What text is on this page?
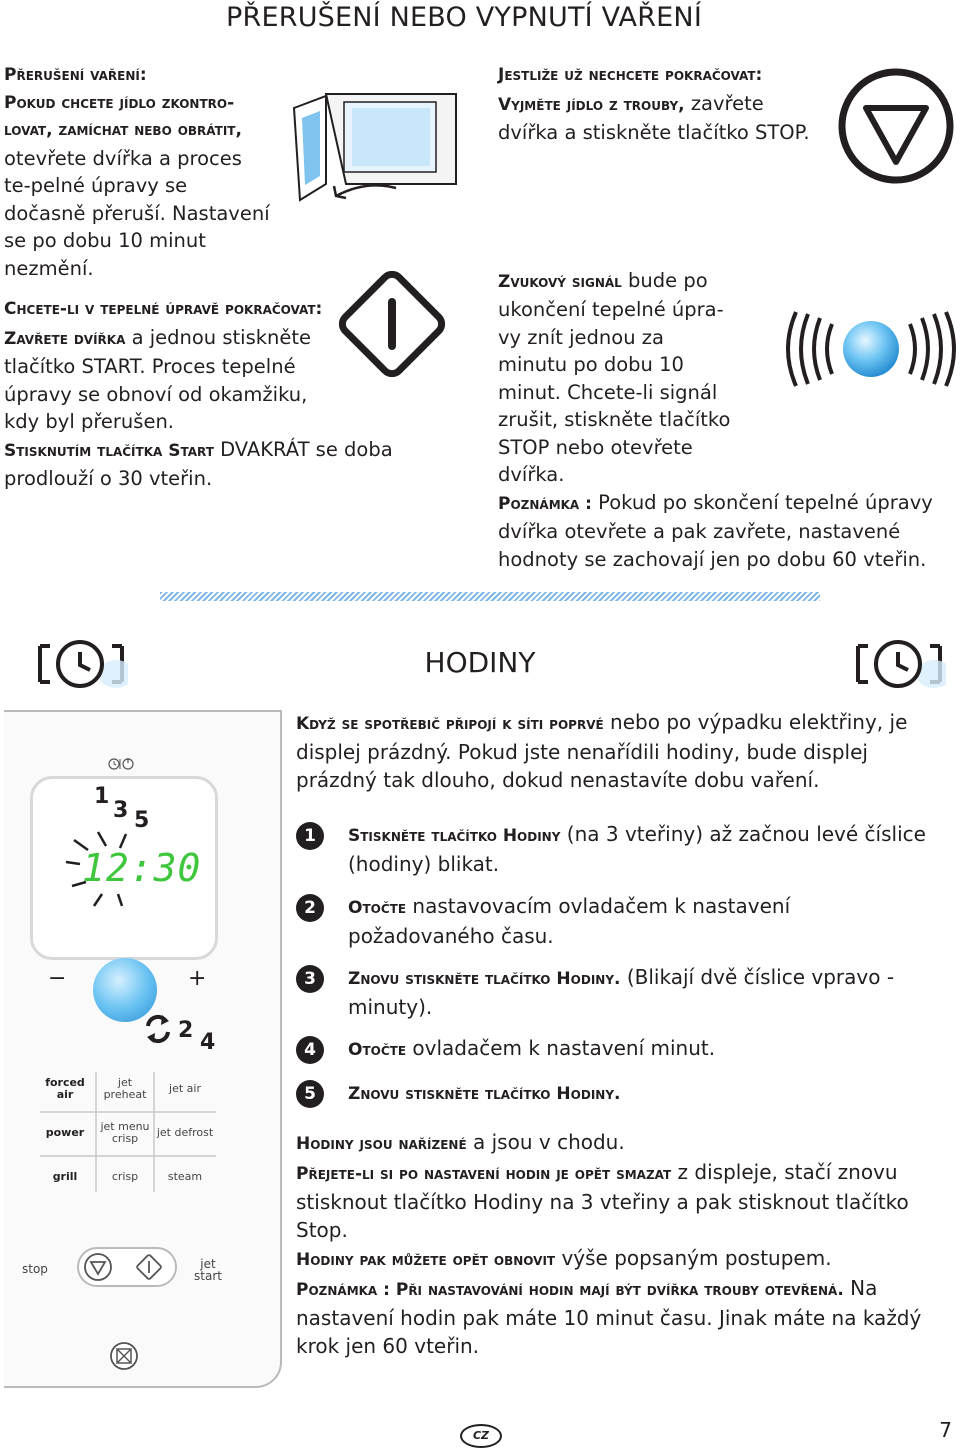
PŘERUŠENÍ NEBO VYPNUTÍ VAŘENÍ
Přerušení vaření:
Pokud chcete jídlo zkontro-lovat, zamíchat nebo obrátit,
otevřete dvířka a proces te-pelné úpravy se dočasně přeruší. Nastavení se po dobu 10 minut nezmění.
Chcete-li v tepelné úpravě pokračovat:
Zavřete dvířka a jednou stiskněte tlačítko START. Proces tepelné úpravy se obnoví od okamžiku, kdy byl přerušen.
Stisknutím tlačítka Start DVAKRÁT se doba prodlouží o 30 vteřin.
Jestliže už nechcete pokračovat:
Vyjměte jídlo z trouby, zavřete dvířka a stiskněte tlačítko STOP.
Zvukový signál bude po ukončení tepelné úpra-vy znít jednou za minutu po dobu 10 minut. Chcete-li signál zrušit, stiskněte tlačítko STOP nebo otevřete dvířka.
Poznámka : Pokud po skončení tepelné úpravy dvířka otevřete a pak zavřete, nastavené hodnoty se zachovají jen po dobu 60 vteřin.
HODINY
1
3 5
12:30
−	+
2 4
forced air
jet preheat	jet air
power	jet menu crisp	jet defrost
grill	crisp	steam
stop	jet start
Když se spotřebič připojí k síti poprvé nebo po výpadku elektřiny, je displej prázdný. Pokud jste nenařídili hodiny, bude displej prázdný tak dlouho, dokud nenastavíte dobu vaření.
1	Stiskněte tlačítko Hodiny (na 3 vteřiny) až začnou levé číslice (hodiny) blikat.
2	Otočte nastavovacím ovladačem k nastavení požadovaného času.
3	Znovu stiskněte tlačítko Hodiny. (Blikají dvě číslice vpravo - minuty).
4	Otočte ovladačem k nastavení minut.
5	Znovu stiskněte tlačítko Hodiny.
Hodiny jsou nařízené a jsou v chodu.
Přejete-li si po nastavení hodin je opět smazat z displeje, stačí znovu stisknout tlačítko Hodiny na 3 vteřiny a pak stisknout tlačítko Stop.
Hodiny pak můžete opět obnovit výše popsaným postupem.
Poznámka : Při nastavování hodin mají být dvířka trouby otevřená. Na nastavení hodin pak máte 10 minut času. Jinak máte na každý krok jen 60 vteřin.
CZ	7
